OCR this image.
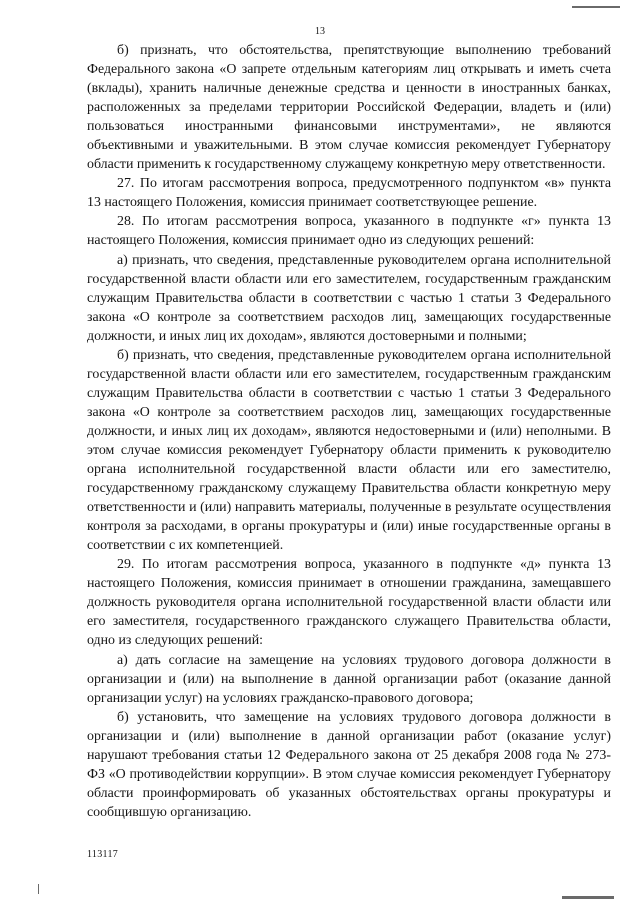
13

б) признать, что обстоятельства, препятствующие выполнению требований Федерального закона «О запрете отдельным категориям лиц открывать и иметь счета (вклады), хранить наличные денежные средства и ценности в иностранных банках, расположенных за пределами территории Российской Федерации, владеть и (или) пользоваться иностранными финансовыми инструментами», не являются объективными и уважительными. В этом случае комиссия рекомендует Губернатору области применить к государственному служащему конкретную меру ответственности.

27. По итогам рассмотрения вопроса, предусмотренного подпунктом «в» пункта 13 настоящего Положения, комиссия принимает соответствующее решение.

28. По итогам рассмотрения вопроса, указанного в подпункте «г» пункта 13 настоящего Положения, комиссия принимает одно из следующих решений:

а) признать, что сведения, представленные руководителем органа исполнительной государственной власти области или его заместителем, государственным гражданским служащим Правительства области в соответствии с частью 1 статьи 3 Федерального закона «О контроле за соответствием расходов лиц, замещающих государственные должности, и иных лиц их доходам», являются достоверными и полными;

б) признать, что сведения, представленные руководителем органа исполнительной государственной власти области или его заместителем, государственным гражданским служащим Правительства области в соответствии с частью 1 статьи 3 Федерального закона «О контроле за соответствием расходов лиц, замещающих государственные должности, и иных лиц их доходам», являются недостоверными и (или) неполными. В этом случае комиссия рекомендует Губернатору области применить к руководителю органа исполнительной государственной власти области или его заместителю, государственному гражданскому служащему Правительства области конкретную меру ответственности и (или) направить материалы, полученные в результате осуществления контроля за расходами, в органы прокуратуры и (или) иные государственные органы в соответствии с их компетенцией.

29. По итогам рассмотрения вопроса, указанного в подпункте «д» пункта 13 настоящего Положения, комиссия принимает в отношении гражданина, замещавшего должность руководителя органа исполнительной государственной власти области или его заместителя, государственного гражданского служащего Правительства области, одно из следующих решений:

а) дать согласие на замещение на условиях трудового договора должности в организации и (или) на выполнение в данной организации работ (оказание данной организации услуг) на условиях гражданско-правового договора;

б) установить, что замещение на условиях трудового договора должности в организации и (или) выполнение в данной организации работ (оказание услуг) нарушают требования статьи 12 Федерального закона от 25 декабря 2008 года № 273-ФЗ «О противодействии коррупции». В этом случае комиссия рекомендует Губернатору области проинформировать об указанных обстоятельствах органы прокуратуры и сообщившую организацию.

113117
